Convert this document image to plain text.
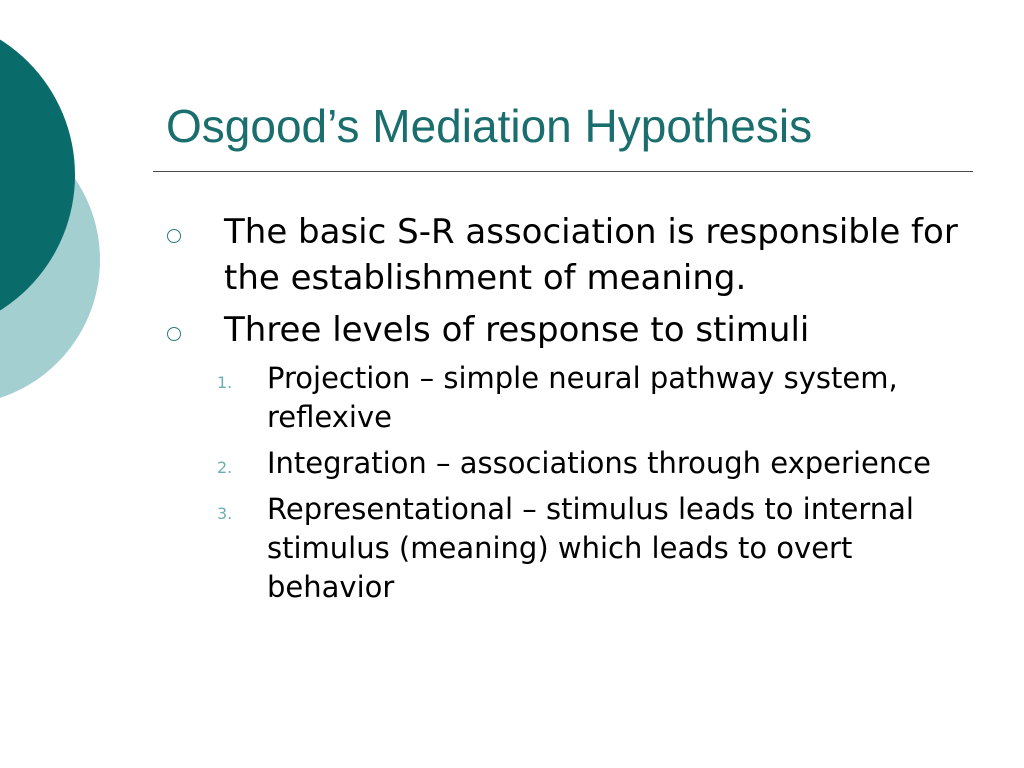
Osgood’s Mediation Hypothesis
The basic S-R association is responsible for the establishment of meaning.
Three levels of response to stimuli
1. Projection – simple neural pathway system, reflexive
2. Integration – associations through experience
3. Representational – stimulus leads to internal stimulus (meaning) which leads to overt behavior
